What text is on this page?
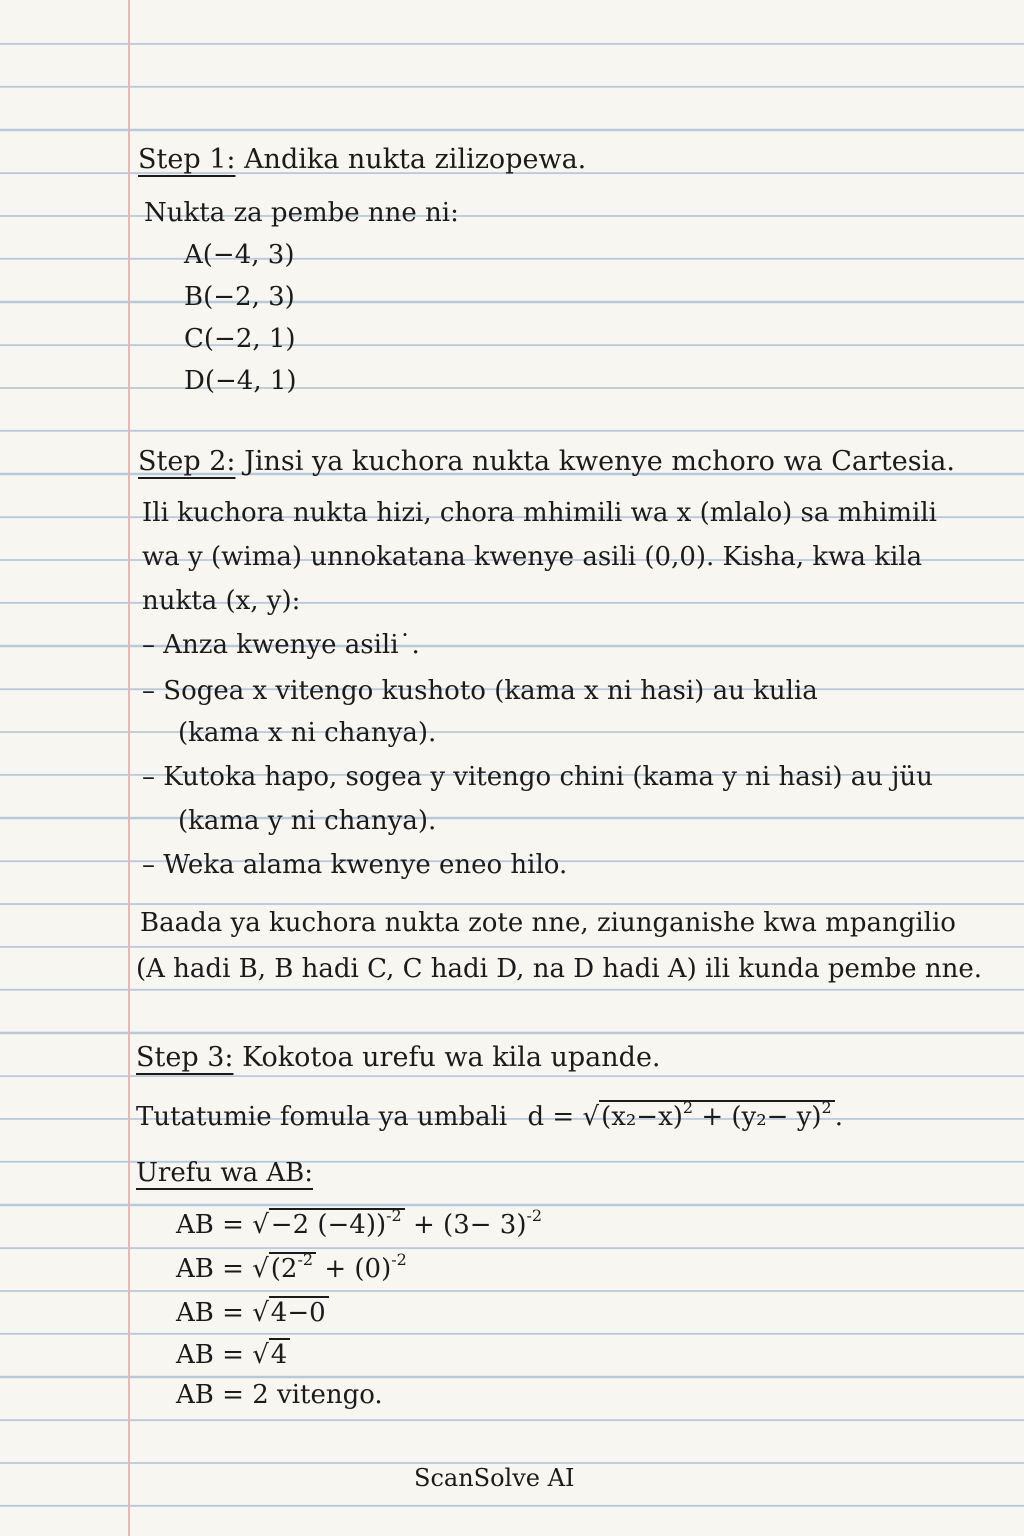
Step 1: Andika nukta zilizopewa.
Nukta za pembe nne ni:
A(−4, 3)
B(−2, 3)
C(−2, 1)
D(−4, 1)
Step 2: Jinsi ya kuchora nukta kwenye mchoro wa Cartesia.
Ili kuchora nukta hizi, chora mhimili wa x (mlalo) sa mhimili
wa y (wima) unnokatana kwenye asili (0,0). Kisha, kwa kila
nukta (x, y):
– Anza kwenye asili˙.
– Sogea x vitengo kushoto (kama x ni hasi) au kulia
(kama x ni chanya).
– Kutoka hapo, sogea y vitengo chini (kama y ni hasi) au jüu
(kama y ni chanya).
– Weka alama kwenye eneo hilo.
Baada ya kuchora nukta zote nne, ziunganishe kwa mpangilio
(A hadi B, B hadi C, C hadi D, na D hadi A) ili kunda pembe nne.
Step 3: Kokotoa urefu wa kila upande.
Tutatumie fomula ya umbali $d = √(x_2-x)^2 + (y_2- y)^2$ .
Urefu wa AB:
AB = √−2 $(-4))^{-2} + (3- 3)^{-2}$
AB = $√(2^{-2} + (0)^{-2}$
AB = √4−0
AB = √4
AB = 2 vitengo.
ScanSolve AI
